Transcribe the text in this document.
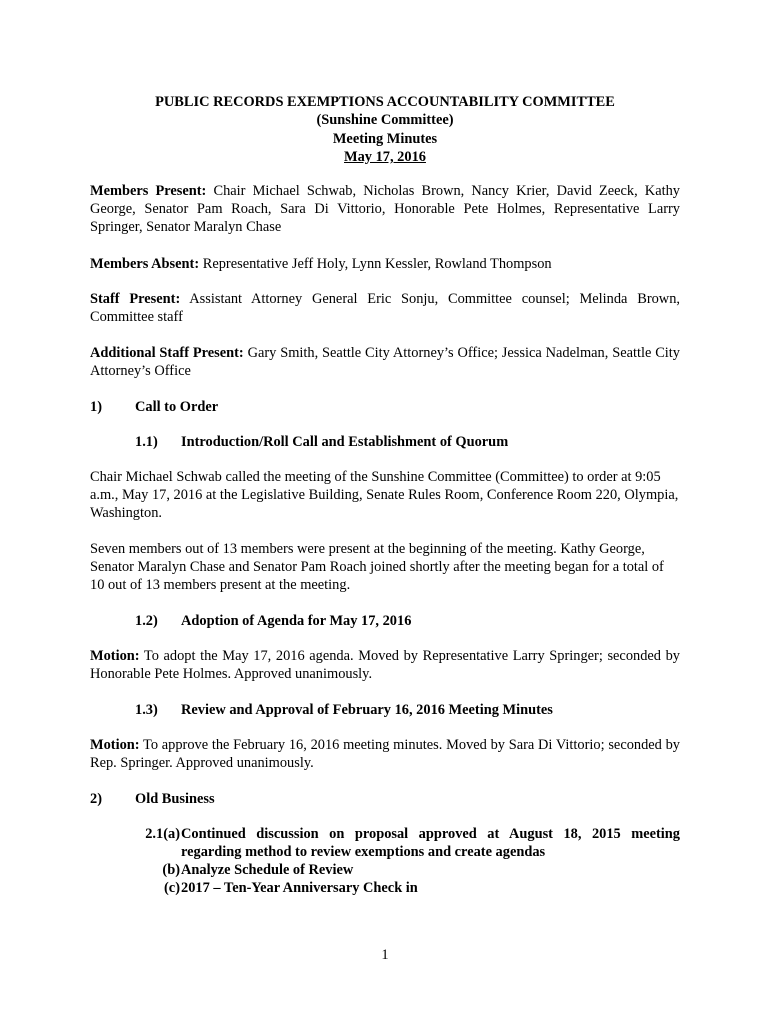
PUBLIC RECORDS EXEMPTIONS ACCOUNTABILITY COMMITTEE
(Sunshine Committee)
Meeting Minutes
May 17, 2016
Members Present: Chair Michael Schwab, Nicholas Brown, Nancy Krier, David Zeeck, Kathy George, Senator Pam Roach, Sara Di Vittorio, Honorable Pete Holmes, Representative Larry Springer, Senator Maralyn Chase
Members Absent: Representative Jeff Holy, Lynn Kessler, Rowland Thompson
Staff Present: Assistant Attorney General Eric Sonju, Committee counsel; Melinda Brown, Committee staff
Additional Staff Present: Gary Smith, Seattle City Attorney’s Office; Jessica Nadelman, Seattle City Attorney’s Office
1) Call to Order
1.1) Introduction/Roll Call and Establishment of Quorum
Chair Michael Schwab called the meeting of the Sunshine Committee (Committee) to order at 9:05 a.m., May 17, 2016 at the Legislative Building, Senate Rules Room, Conference Room 220, Olympia, Washington.
Seven members out of 13 members were present at the beginning of the meeting. Kathy George, Senator Maralyn Chase and Senator Pam Roach joined shortly after the meeting began for a total of 10 out of 13 members present at the meeting.
1.2) Adoption of Agenda for May 17, 2016
Motion: To adopt the May 17, 2016 agenda. Moved by Representative Larry Springer; seconded by Honorable Pete Holmes. Approved unanimously.
1.3) Review and Approval of February 16, 2016 Meeting Minutes
Motion: To approve the February 16, 2016 meeting minutes. Moved by Sara Di Vittorio; seconded by Rep. Springer. Approved unanimously.
2) Old Business
2.1(a) Continued discussion on proposal approved at August 18, 2015 meeting regarding method to review exemptions and create agendas
(b) Analyze Schedule of Review
(c) 2017 – Ten-Year Anniversary Check in
1
